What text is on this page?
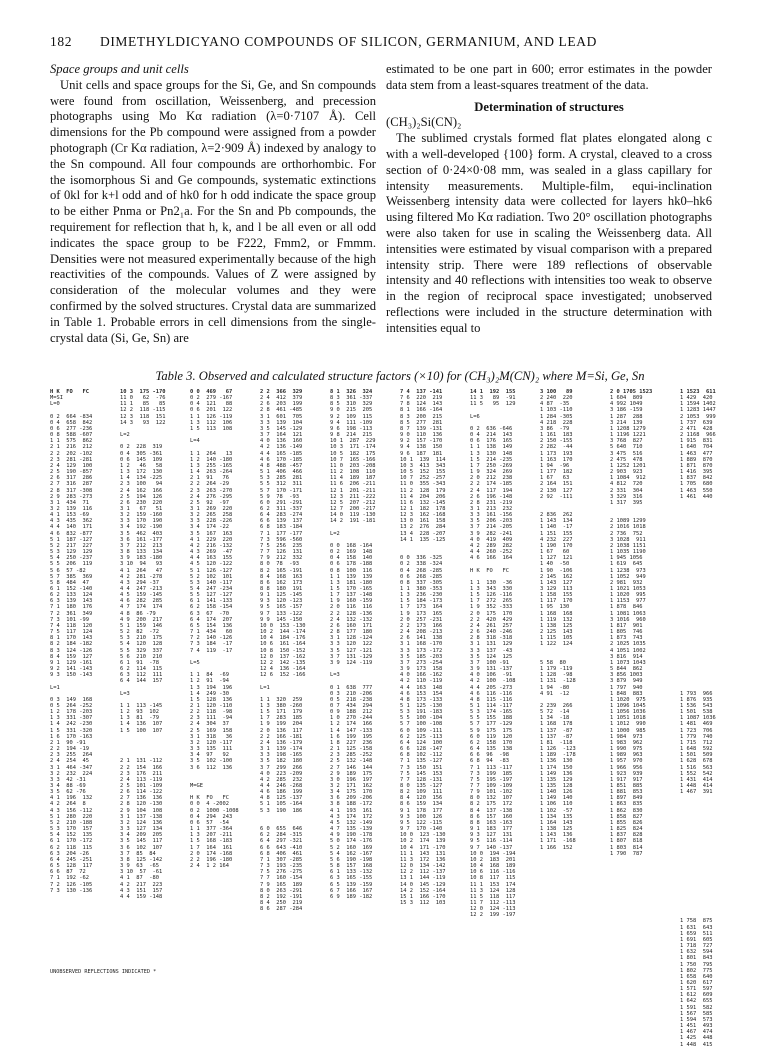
182 DIMETHYLDICYANO COMPOUNDS OF SILICON, GERMANIUM, AND LEAD

Space groups and unit cells

Unit cells and space groups for the Si, Ge, and Sn compounds were found from oscillation, Weissenberg, and precession photographs using Mo Kα radiation (λ=0·7107 Å). Cell dimensions for the Pb compound were assigned from a powder photograph (Cr Kα radiation, λ=2·909 Å) indexed by analogy to the Sn compound. All four compounds are orthorhombic. For the isomorphous Si and Ge compounds, systematic extinctions of 0kl for k+l odd and of hk0 for h odd indicate the space group to be either Pnma or Pn2₁a. For the Sn and Pb compounds, the requirement for reflection that h, k, and l be all even or all odd indicates the space group to be F222, Fmm2, or Fmmm. Densities were not measured experimentally because of the high reactivities of the compounds. Values of Z were assigned by consideration of the molecular volumes and they were confirmed by the solved structures. Crystal data are summarized in Table 1. Probable errors in cell dimensions from the single-crystal data (Si, Ge, Sn) are

estimated to be one part in 600; error estimates in the powder data stem from a least-squares treatment of the data.

Determination of structures

(CH₃)₂Si(CN)₂

The sublimed crystals formed flat plates elongated along c with a well-developed {100} form. A crystal, cleaved to a cross section of 0·24×0·08 mm, was sealed in a glass capillary for intensity measurements. Multiple-film, equi-inclination Weissenberg intensity data were collected for layers hk0–hk6 using filtered Mo Kα radiation. Two 20° oscillation photographs were also taken for use in scaling the Weissenberg data. All intensities were estimated by visual comparison with a prepared intensity strip. There were 189 reflections of observable intensity and 40 reflections with intensities too weak to observe in the region of reciprocal space investigated; unobserved reflections were included in the structure determination with intensities equal to

Table 3. Observed and calculated structure factors (×10) for (CH₃)₂M(CN)₂ where M=Si, Ge, Sn
H K  FO   FC
M=SI
L=0

0 2  664 -834
0 4  658  842
0 6  277 -236
0 8  588 -607
1 1  575  862
2 1  216  212
2 2  202 -102
2 3  281 -281
2 4  129  100
2 5  190 -857
2 6  317  286
2 7  316  287
2 8  317 -308
2 9  283 -273
3 1  434  71
3 2  139  116
4 1  153 -69
4 3  435  362
4 4  140  171
4 6  832 -877
5 1  187 -127
5 2  217  227
5 3  129  129
5 4  250 -237
5 5  206  119
5 6  57 -82
5 7  385  369
5 8  484  47
6 1  152 -140
6 2  133  124
6 3  139  143
7 1  180  176
7 2  361  349
7 3  101 -99
7 4  118  120
7 5  117  124
8 1  170  143
8 2  184 -182
8 3  124 -126
8 4  159  127
9 1  129 -161
9 2  141 -143
9 3  150 -143

L=1

0 3  149  168
0 5  264 -252
1 2  178 -203
1 3  331 -307
1 4  242 -230
1 5  331 -320
1 6  170 -163
2 1  90 -91
2 2  194 -19
2 3  255  264
2 4  254  45
3 1  464 -347
3 2  232  224
3 3  42 -31
3 4  88 -69
3 5  62 -76
4 1  196  132
4 2  264  8
4 3  156 -112
5 1  280  220
5 2  210 -188
5 3  170  157
5 4  152  135
6 1  170 -172
6 2  118  115
6 3  204 -26
6 4  245 -251
6 5  128  117
6 6  87  72
7 1  192 -62
7 2  126 -105
7 3  130 -136
10 3  175 -170
11 0   62  -76
11 1   85   85
12 2  118 -115
12 3  118  151
14 3   93  122

L=2

0 2  228  319
0 4  305 -361
0 6  145  109
1 2   46   58
1 3  172  130
1 4  134 -225
2 3  100   94
2 4  162  166
2 5  194  126
2 6  230  220
3 1   67   51
3 2  159 -160
3 3  170  190
3 4  192 -190
3 5  462  403
3 6  161 -177
3 7  212  213
3 8  133  134
3 9  183 -180
3 10  94   93
4 1  264   47
4 2  281 -278
4 3  294 -37
4 4  247 -213
4 5  159 -145
4 6  282  285
4 7  174  174
4 8  86 -79
4 9  200  217
5 1  159  146
5 2  82  -72
5 3  210  175
5 4  120  128
5 5  329  337
5 6  210  210
6 1  91  -78
6 2  114  115
6 3  112  111
6 4  144  157

L=3

1 1  113 -145
1 2  93  102
1 3  81  -79
1 4  136  107
1 5  100  107

2 1  131 -112
2 2  154  166
2 3  176  211
2 4  113 -119
2 5  101 -109
2 6  114 -122
2 7  136  136
2 8  120 -130
2 9  104  108
3 1  137 -138
3 2  124  136
3 3  127  134
3 4  209  205
3 5  145  117
3 6  102  107
3 7  85  84
3 8  125 -142
3 9  63  -65
3 10  57  -61
4 1  87  -80
4 2  217  223
4 3  151  157
4 4  159 -148
0 0  469   67
0 2  279 -167
0 4  121   88
0 6  201  122
1 1  126 -119
1 3  112  106
1 5  113  108

L=4

1 1  264   13
1 2  140 -180
1 3  255 -165
1 4  263 -264
2 1  91   76
2 2  264 -29
2 3  263 -270
2 4  276 -295
2 5  92  -97
3 1  269  220
3 2  265  258
3 3  228 -226
3 4  174 -22
3 5  167  163
4 1  229  220
4 2  216 -132
4 3  269  -47
4 4  163  155
4 5  120 -122
5 1  126 -127
5 2  102  101
5 3  140 -117
5 4  247 -234
5 5  127 -127
6 1  141 -133
6 2  158 -154
6 3  67  -70
6 4  174  207
6 5  154  136
7 1  434   60
7 2  140 -126
7 3  184  -17
7 4  119  -17

L=5

1 1  84  -69
1 2  91  -94
1 3  194  196
1 4  249 -30
1 5  128  136
2 1  120 -110
2 2  118  -98
2 3  111  -94
2 4  304  37
2 5  169  158
3 1  318   36
3 2  120 -117
3 3  135  111
3 4  97   92
3 5  102 -100
3 6  112  136

M=GE

H K  FO   FC
0 0  4 -2002
0 2  1000 -1008
0 4  294  243
0 6  57  -54
1 1  377 -364
1 3  207 -211
1 5  168 -183
1 7  164  161
2 0  174 -168
2 2  196 -180
2 4  1 2 164
2 2  366  329
2 4  412  379
2 6  203  199
2 8  461 -485
3 1  601  705
3 3  139  104
3 5  145 -129
3 7  164  121
4 0  136  160
4 2  136 -149
4 4  165 -185
4 6  170 -185
4 8  488 -457
5 1  406  466
5 3  285  281
5 5  312  311
5 7  170 -171
5 9  78  -93
6 0  291 -291
6 2  311 -337
6 4  283 -274
6 6  139  137
6 8  183 -184
7 1  177 -177
7 3  596 -560
7 5  256  235
7 7  126  131
7 9  212  332
8 0  78  -93
8 2  165 -191
8 4  168  163
8 6  162  173
8 8  180  191
9 1  125 -145
9 3  120 -123
9 5  165 -157
9 7  133 -122
9 9  145 -150
10 0  153 -130
10 2  144 -174
10 4  184 -176
10 6  161 -164
10 8  150 -152
12 0  137 -162
12 2  142 -135
12 4  136 -164
12 6  152 -166

L=1

1 1  320  259
1 3  380 -260
1 5  171  179
1 7  283  185
1 9  199  204
2 0  136  117
2 2  166 -181
2 4  136 -179
3 1  139 -174
3 3  198 -165
3 5  182  180
3 7  299  266
4 0  223 -209
4 2  285  232
4 4  246 -268
4 6  186  199
4 8  125 -137
5 1  105 -164
5 3  190  186

6 0  655  646
6 2  284 -315
6 4  297 -321
6 6  643 -410
6 8  406  461
7 1  307 -285
7 3  193 -235
7 5  276 -275
7 7  160 -154
7 9  165  189
8 0  263 -291
8 2  192 -191
8 4  250  219
8 6  287 -284
8 1  326  324
8 3  361 -337
8 5  310  329
9 0  215  205
9 2  109  115
9 4  111 -109
9 6  198 -113
9 8  214  215
10 1  287  229
10 3  171 -174
10 5  182  175
10 7  165 -166
11 0  203 -208
11 2  108  110
11 4  189  187
11 6  206 -211
12 1  201 -211
12 3  211 -222
12 5  207 -212
12 7  200 -217
14 0  119 -130
14 2  191 -181

L=2

0 0  168 -164
0 2  169  148
0 4  158  140
0 6  178 -188
0 8  100  116
1 1  139  139
1 3  181 -180
1 5  170 -165
1 7  137 -148
1 9  160 -159
2 0  116  116
2 2  128 -136
2 4  132 -132
2 6  160  171
2 8  177  180
3 1  128 -124
3 3  120  122
3 5  127 -121
3 7  131 -129
3 9  124 -119

L=3

0 1  638  777
0 3  210 -206
0 5  218 -238
0 7  434  294
0 9  188  212
1 0  270 -244
1 2  174  166
1 4  147 -133
1 6  199  195
1 8  227  236
2 1  125 -158
2 3  285 -252
2 5  132 -148
2 7  146  144
2 9  189  175
3 0  196  197
3 2  171  162
3 4  175  170
3 6  209 -206
3 8  188 -172
4 1  193  161
4 3  174  172
4 5  132 -149
4 7  135 -139
4 9  190 -178
5 0  174 -176
5 2  160  169
5 4  162 -167
5 6  190 -198
5 8  157  168
6 1  133 -132
6 3  165 -155
6 5  139 -159
6 7  166  167
6 9  189 -182
7 4  137 -141
7 6  220  219
7 8  124  143
8 1  166 -164
8 3  200  215
8 5  277  281
8 7  139 -131
9 0  110  136
9 2  157 -170
9 4  138  150
9 6  187  181
10 1  139  114
10 3  413  343
10 5  152  155
10 7  252 -257
11 0  355 -343
11 2  128  179
11 4  204  206
11 6  132 -145
12 1  182  178
12 3  162 -168
13 0  161  158
13 2  276  284
13 4  228 -207
14 1  135 -125

0 0  336 -325
0 2  338 -324
0 4  268 -285
0 6  268 -285
0 8  337 -305
1 1  380 -353
1 3  236 -230
1 5  184 -173
1 7  173  164
1 9  173  165
2 0  257 -231
2 2  173  166
2 4  208 -213
2 6  141  138
3 1  168 -170
3 3  173 -172
3 5  185 -203
3 7  273 -254
3 9  173  158
4 0  166 -162
4 2  110 -119
4 4  163  148
4 6  153  154
4 8  173 -133
5 1  125 -130
5 3  191 -183
5 5  100 -104
5 7  100 -108
6 0  109 -111
6 2  125 -113
6 4  124  100
6 6  128 -147
6 8  102 -112
7 1  135 -127
7 3  150  151
7 5  145  153
7 7  128 -131
8 0  135 -127
8 2  109  111
8 4  120  156
8 6  159  134
9 1  178  177
9 3  100  126
9 5  122 -115
9 7  170 -140
10 0  123 -130
10 2  174  139
10 4  171 -170
11 1  143  131
11 3  172  136
12 0  134 -142
12 2  112 -137
13 1  144 -119
14 0  145 -129
14 2  152 -164
15 1  166 -170
15 3  112  103
14 1  192  155
11 3   89  -91
11 5   95  129

L=6

0 2  636 -646
0 4  214  143
0 6  176  165
1 1  138  149
1 3  130  148
1 5  214 -235
1 7  250 -269
1 9  324  269
2 0  212  238
2 2  174 -185
2 4  117  194
2 6  196 -148
2 8  231 -219
3 1  213  232
3 3  161 -156
3 5  206 -203
3 7  214 -205
3 9  282 -241
4 0  419  409
4 2  289  282
4 4  260 -252
4 6  166  164

H K  FO   FC

1 1  130  -36
1 3  343  330
1 5  126 -116
1 7  272  265
1 9  352 -333
2 0  175  170
2 2  420  429
2 4  261  257
2 6  240 -246
2 8  318 -318
3 1  131  129
3 3  137  -43
3 5  124  125
3 7  100 -91
3 9  131 -137
4 0  106  -91
4 2  100  -108
4 4  205 -273
4 6  116 -116
4 8  115 -116
5 1  114 -117
5 3  174 -165
5 5  155  188
5 7  177 -129
5 9  175  175
6 0  119  120
6 2  158  170
6 4  135  138
6 6  96  -98
6 8  94  -83
7 1  113 -117
7 3  199  185
7 5  195 -197
7 7  109 -109
7 9  101 -102
8 0  132  107
8 2  175  172
8 4  137 -138
8 6  157  160
8 8  163 -163
9 1  183  177
9 3  127  131
9 5  116 -114
9 7  140 -137
10 0  194 -194
10 2  183  201
10 4  168  189
10 6  116 -116
10 8  117  115
11 1  153  174
11 3  124  128
11 5  118  117
11 7  112 -113
12 0  124 -113
12 2  199 -197
3 100   89
2 240  220
4 87  -35
1 103 -110
1 284 -305
4 218  228
3 86  -79
1 161  183
2 150 -155
2 282  -44
1 173  193
1 163  170
1 94  -96
1 177  182
1 67   63
2 164  151
2 130  127
2 92  -111

2 836  262
1 143  134
1 140  -17
1 151  155
4 232  227
1 190  170
1 67   60
1 127  121
1 40  -50
1 90  -106
2 145  162
1 143  127
3 129  113
1 158  155
1 117  170
1 95  130
1 168  168
1 119  132
1 138  125
2 125  143
1 115  105
1 122  124

5 58  80
1 179 -119
1 128  -98
1 131  -128
1 94  -80
4 91  -12

2 239  266
5 72  -14
1 34  -18
1 168  178
1 137  -87
1 137  -87
1 81  -118
1 126  -123
1 189  -178
1 136  130
1 174  150
1 149  136
1 135  129
1 135  128
1 140  126
1 149  140
1 106  110
1 102  -57
1 134  135
1 164  143
1 138  125
1 143  136
1 171  -168
1 166  152
2 0 1705 1523
1 604  809
4 992 1049
3 186 -159
1 287  288
3 214  139
1 1208 1279
1 1196 1221
3 768  827
5 640  710
3 475  516
2 475  478
1 1252 1201
2 903  923
1 1084  912
4 812  720
2 331  304
3 329  316
1 317  395

2 1089 1299
2 1016 1018
2 736  752
3 1028  911
2 1038 1151
1 1035 1190
1 945 1056
1 619  645
1 1238  973
1 1052  949
2 981  932
1 1021 1053
1 1020  995
1 1153  977
1 878  846
1 1081 1063
3 1016  960
1 817  901
1 805  746
1 873  743
2 1025 1035
4 1051 1002
3 816  914
1 1073 1043
5 844  862
3 856 1003
3 879  949
1 797  940
1 848  883
1 1020  975
1 1096 1045
1 1056 1036
1 1051 1018
1 1012  990
1 1000  985
1 984  973
1 983  962
1 990  975
1 989  963
1 957  970
1 966  956
1 923  939
1 917  917
1 851  885
1 881  853
1 897  849
1 863  835
1 862  830
1 858  827
1 855  826
1 825  824
1 837  828
1 807  818
1 803  814
1 790  787
1 1523  611
1 429  420
1 1594 1402
1 1283 1447
2 1053  999
1 737  639
2 471  428
2 1168  966
1 915  831
1 640  704
1 463  477
1 889  870
1 871  870
1 416  395
1 837  842
1 705  680
1 463  550
1 461  440

1 793  966
1 876  935
1 536  543
1 501  538
1 1087 1036
1 481  469
1 723  706
1 779  740
1 715  712
1 648  592
1 501  509
1 628  678
1 516  563
1 552  542
1 431  414
1 448  414
1 467  391

1 758  875
1 631  643
1 659  511
1 691  605
1 718  727
1 632  594
1 801  843
1 750  795
1 802  775
1 658  640
1 620  617
1 571  597
1 612  609
1 642  655
1 591  582
1 567  585
1 594  573
1 451  493
1 467  474
1 425  448
1 448  415
UNOBSERVED REFLECTIONS INDICATED *
